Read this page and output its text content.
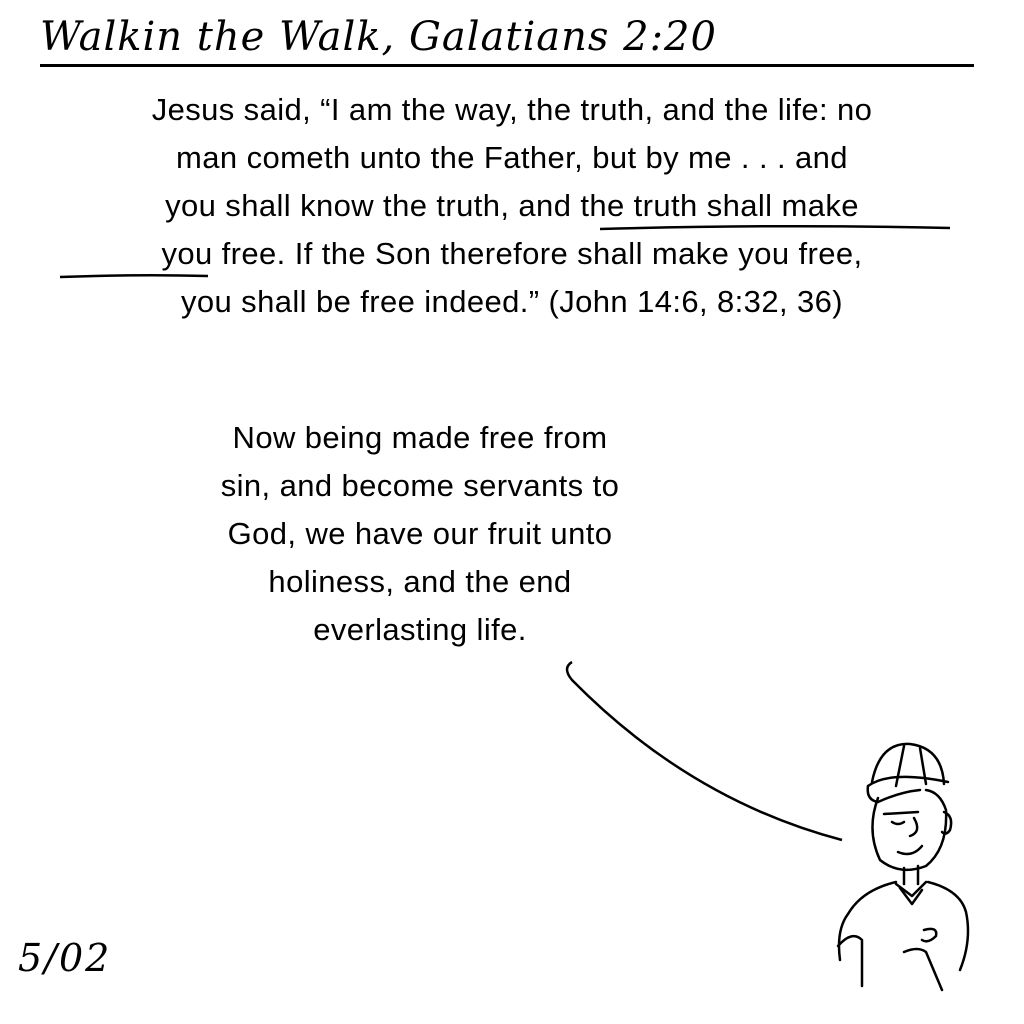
Walkin the Walk, Galatians 2:20
Jesus said, “I am the way, the truth, and the life: no
man cometh unto the Father, but by me . . . and
you shall know the truth, and the truth shall make
you free. If the Son therefore shall make you free,
you shall be free indeed.” (John 14:6, 8:32, 36)
Now being made free from
sin, and become servants to
God, we have our fruit unto
holiness, and the end
everlasting life.
5/02
